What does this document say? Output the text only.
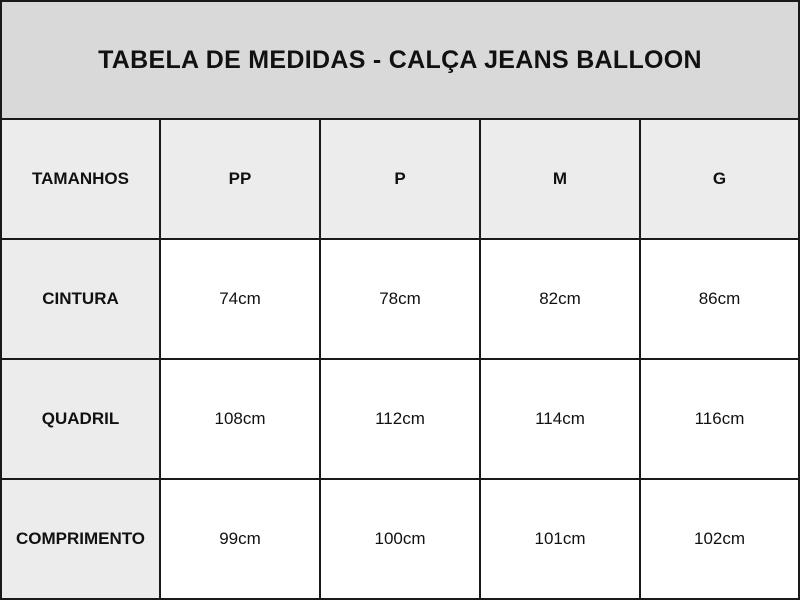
TABELA DE MEDIDAS - CALÇA JEANS BALLOON
TAMANHOS	PP	P	M	G
CINTURA	74cm	78cm	82cm	86cm
QUADRIL	108cm	112cm	114cm	116cm
COMPRIMENTO	99cm	100cm	101cm	102cm
